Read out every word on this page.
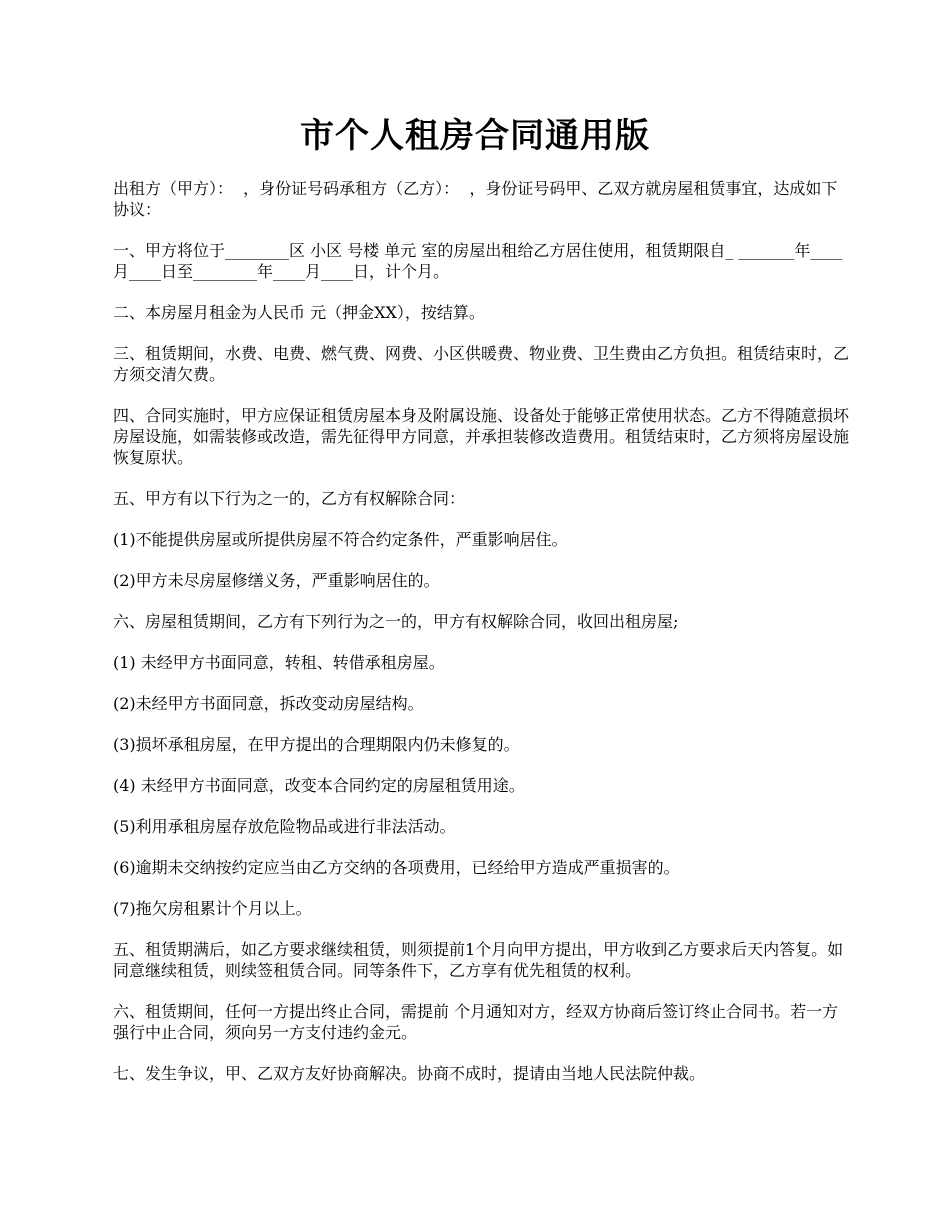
市个人租房合同通用版

出租方（甲方）：  ，身份证号码承租方（乙方）：  ，身份证号码甲、乙双方就房屋租赁事宜，达成如下协议：

一、甲方将位于________区 小区 号楼 单元 室的房屋出租给乙方居住使用，租赁期限自_ _______年____月____日至________年____月____日，计个月。

二、本房屋月租金为人民币 元（押金XX），按结算。

三、租赁期间，水费、电费、燃气费、网费、小区供暖费、物业费、卫生费由乙方负担。租赁结束时，乙方须交清欠费。

四、合同实施时，甲方应保证租赁房屋本身及附属设施、设备处于能够正常使用状态。乙方不得随意损坏房屋设施，如需装修或改造，需先征得甲方同意，并承担装修改造费用。租赁结束时，乙方须将房屋设施恢复原状。

五、甲方有以下行为之一的，乙方有权解除合同：

(1)不能提供房屋或所提供房屋不符合约定条件，严重影响居住。

(2)甲方未尽房屋修缮义务，严重影响居住的。

六、房屋租赁期间，乙方有下列行为之一的，甲方有权解除合同，收回出租房屋;

(1) 未经甲方书面同意，转租、转借承租房屋。

(2)未经甲方书面同意，拆改变动房屋结构。

(3)损坏承租房屋，在甲方提出的合理期限内仍未修复的。

(4) 未经甲方书面同意，改变本合同约定的房屋租赁用途。

(5)利用承租房屋存放危险物品或进行非法活动。

(6)逾期未交纳按约定应当由乙方交纳的各项费用，已经给甲方造成严重损害的。

(7)拖欠房租累计个月以上。

五、租赁期满后，如乙方要求继续租赁，则须提前1个月向甲方提出，甲方收到乙方要求后天内答复。如同意继续租赁，则续签租赁合同。同等条件下，乙方享有优先租赁的权利。

六、租赁期间，任何一方提出终止合同，需提前 个月通知对方，经双方协商后签订终止合同书。若一方强行中止合同，须向另一方支付违约金元。

七、发生争议，甲、乙双方友好协商解决。协商不成时，提请由当地人民法院仲裁。
